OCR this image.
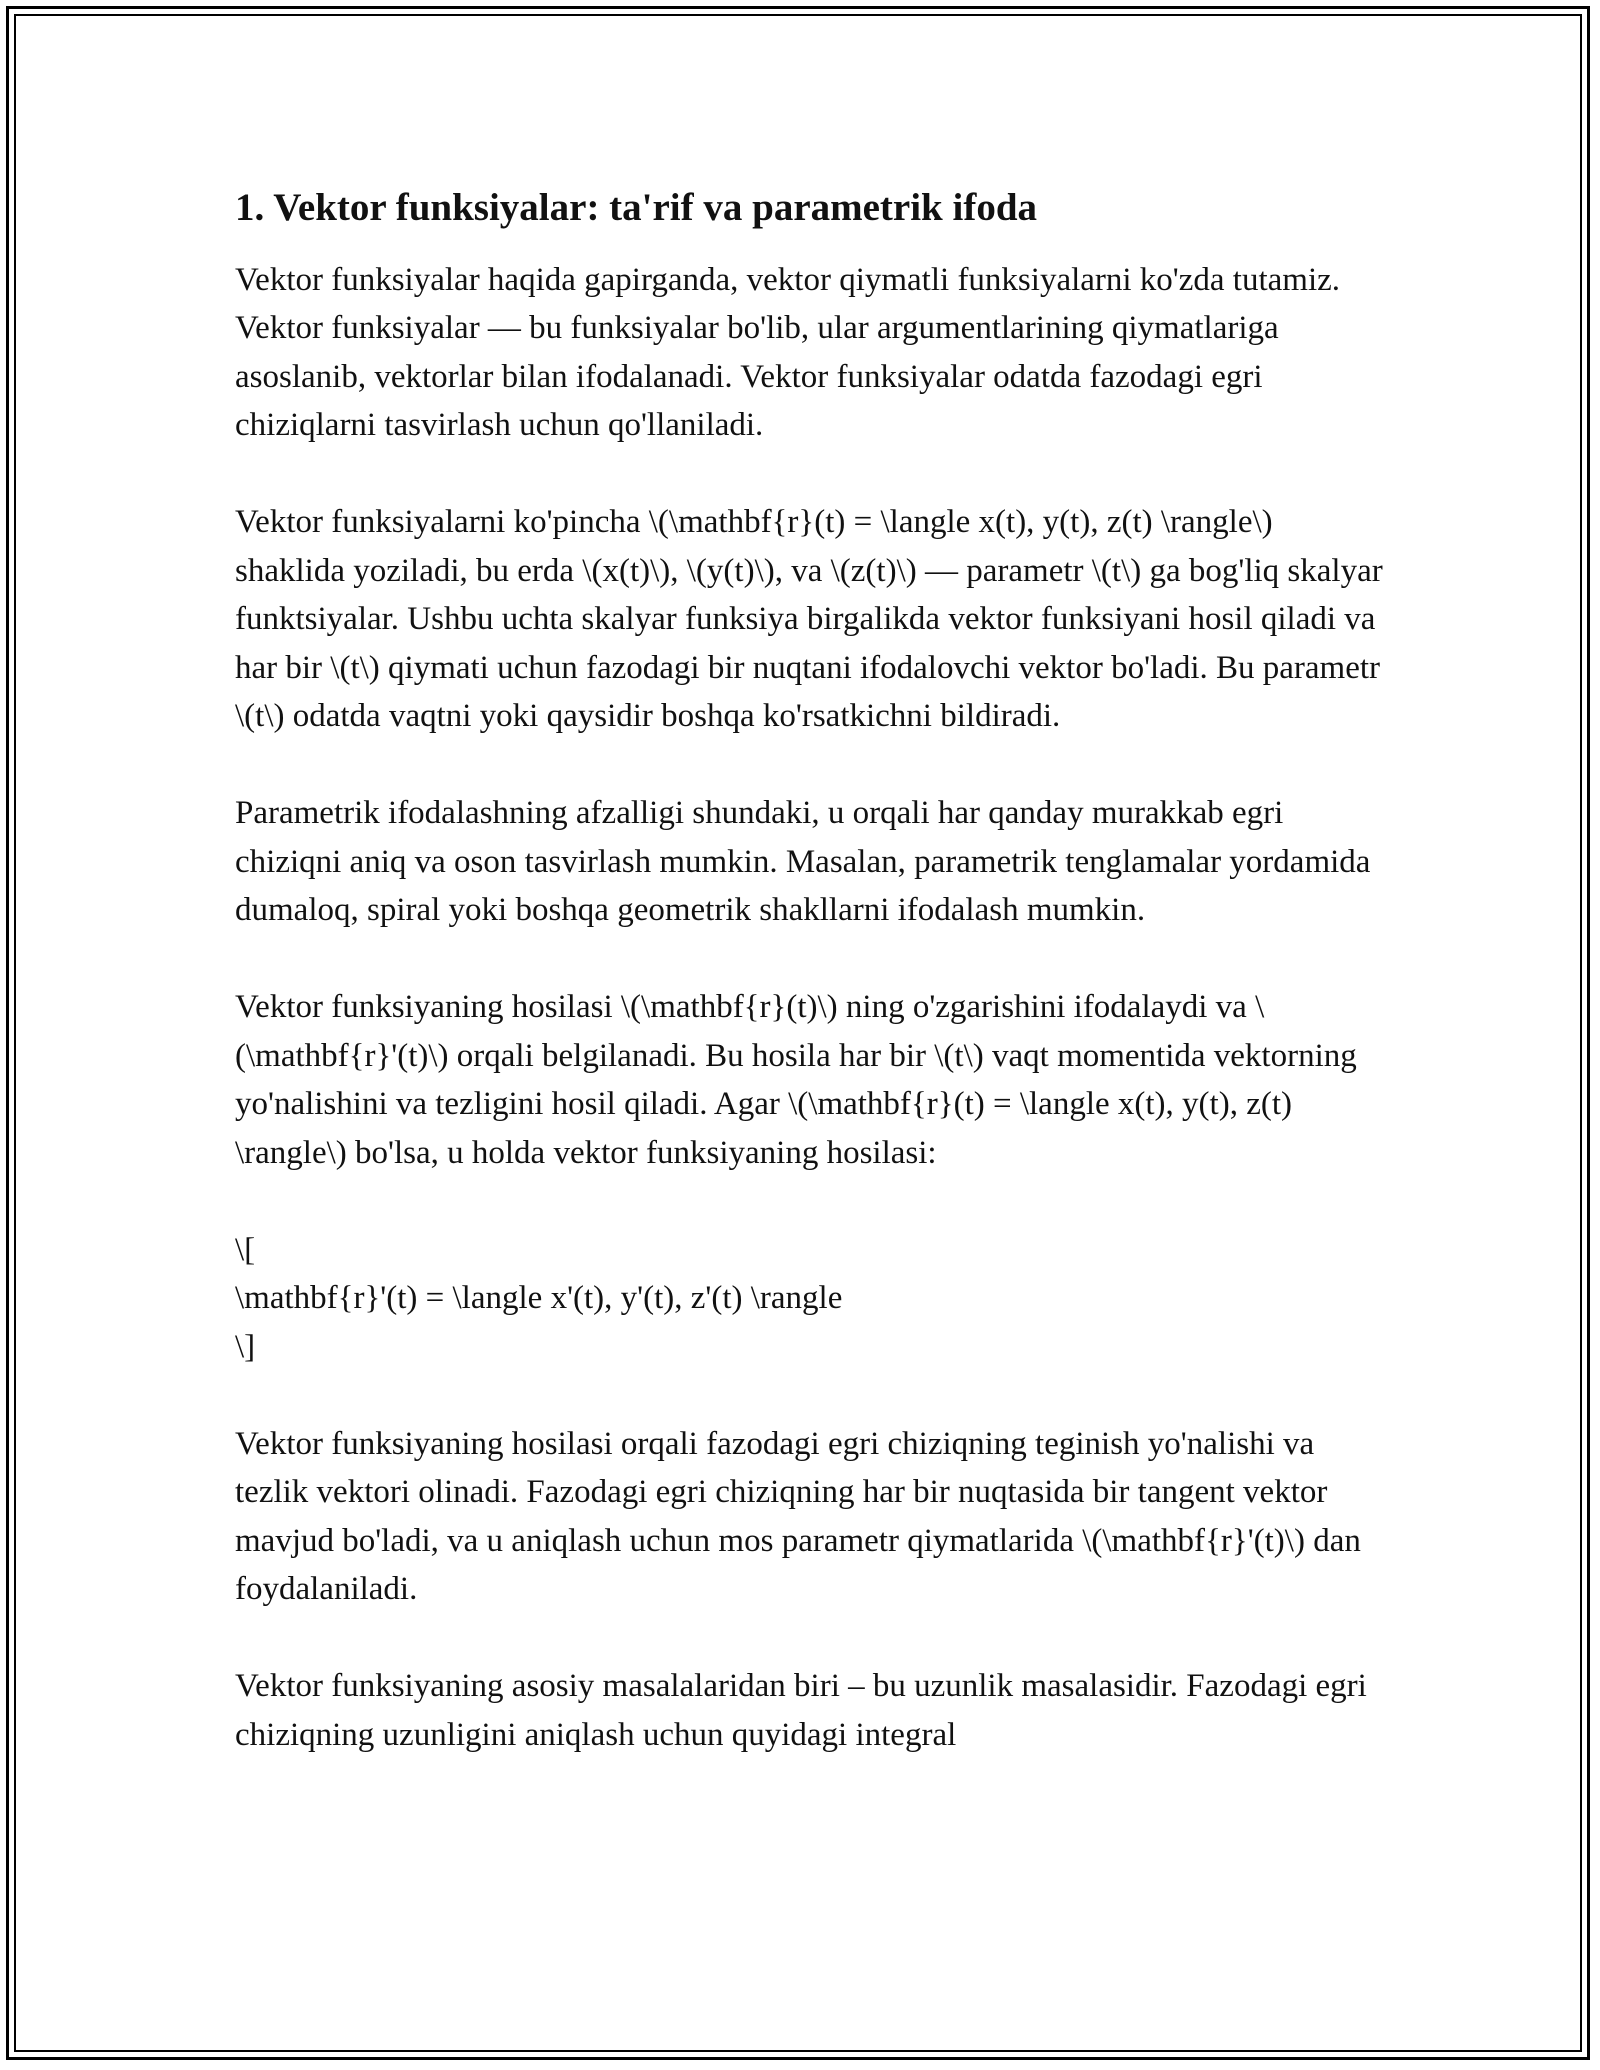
1. Vektor funksiyalar: ta'rif va parametrik ifoda

Vektor funksiyalar haqida gapirganda, vektor qiymatli funksiyalarni ko'zda tutamiz. Vektor funksiyalar — bu funksiyalar bo'lib, ular argumentlarining qiymatlariga asoslanib, vektorlar bilan ifodalanadi. Vektor funksiyalar odatda fazodagi egri chiziqlarni tasvirlash uchun qo'llaniladi.

Vektor funksiyalarni ko'pincha \(\mathbf{r}(t) = \langle x(t), y(t), z(t) \rangle\) shaklida yoziladi, bu erda \(x(t)\), \(y(t)\), va \(z(t)\) — parametr \(t\) ga bog'liq skalyar funktsiyalar. Ushbu uchta skalyar funksiya birgalikda vektor funksiyani hosil qiladi va har bir \(t\) qiymati uchun fazodagi bir nuqtani ifodalovchi vektor bo'ladi. Bu parametr \(t\) odatda vaqtni yoki qaysidir boshqa ko'rsatkichni bildiradi.

Parametrik ifodalashning afzalligi shundaki, u orqali har qanday murakkab egri chiziqni aniq va oson tasvirlash mumkin. Masalan, parametrik tenglamalar yordamida dumaloq, spiral yoki boshqa geometrik shakllarni ifodalash mumkin.

Vektor funksiyaning hosilasi \(\mathbf{r}(t)\) ning o'zgarishini ifodalaydi va \(\mathbf{r}'(t)\) orqali belgilanadi. Bu hosila har bir \(t\) vaqt momentida vektorning yo'nalishini va tezligini hosil qiladi. Agar \(\mathbf{r}(t) = \langle x(t), y(t), z(t) \rangle\) bo'lsa, u holda vektor funksiyaning hosilasi:

\[
\mathbf{r}'(t) = \langle x'(t), y'(t), z'(t) \rangle
\]

Vektor funksiyaning hosilasi orqali fazodagi egri chiziqning teginish yo'nalishi va tezlik vektori olinadi. Fazodagi egri chiziqning har bir nuqtasida bir tangent vektor mavjud bo'ladi, va u aniqlash uchun mos parametr qiymatlarida \(\mathbf{r}'(t)\) dan foydalaniladi.

Vektor funksiyaning asosiy masalalaridan biri – bu uzunlik masalasidir. Fazodagi egri chiziqning uzunligini aniqlash uchun quyidagi integral
